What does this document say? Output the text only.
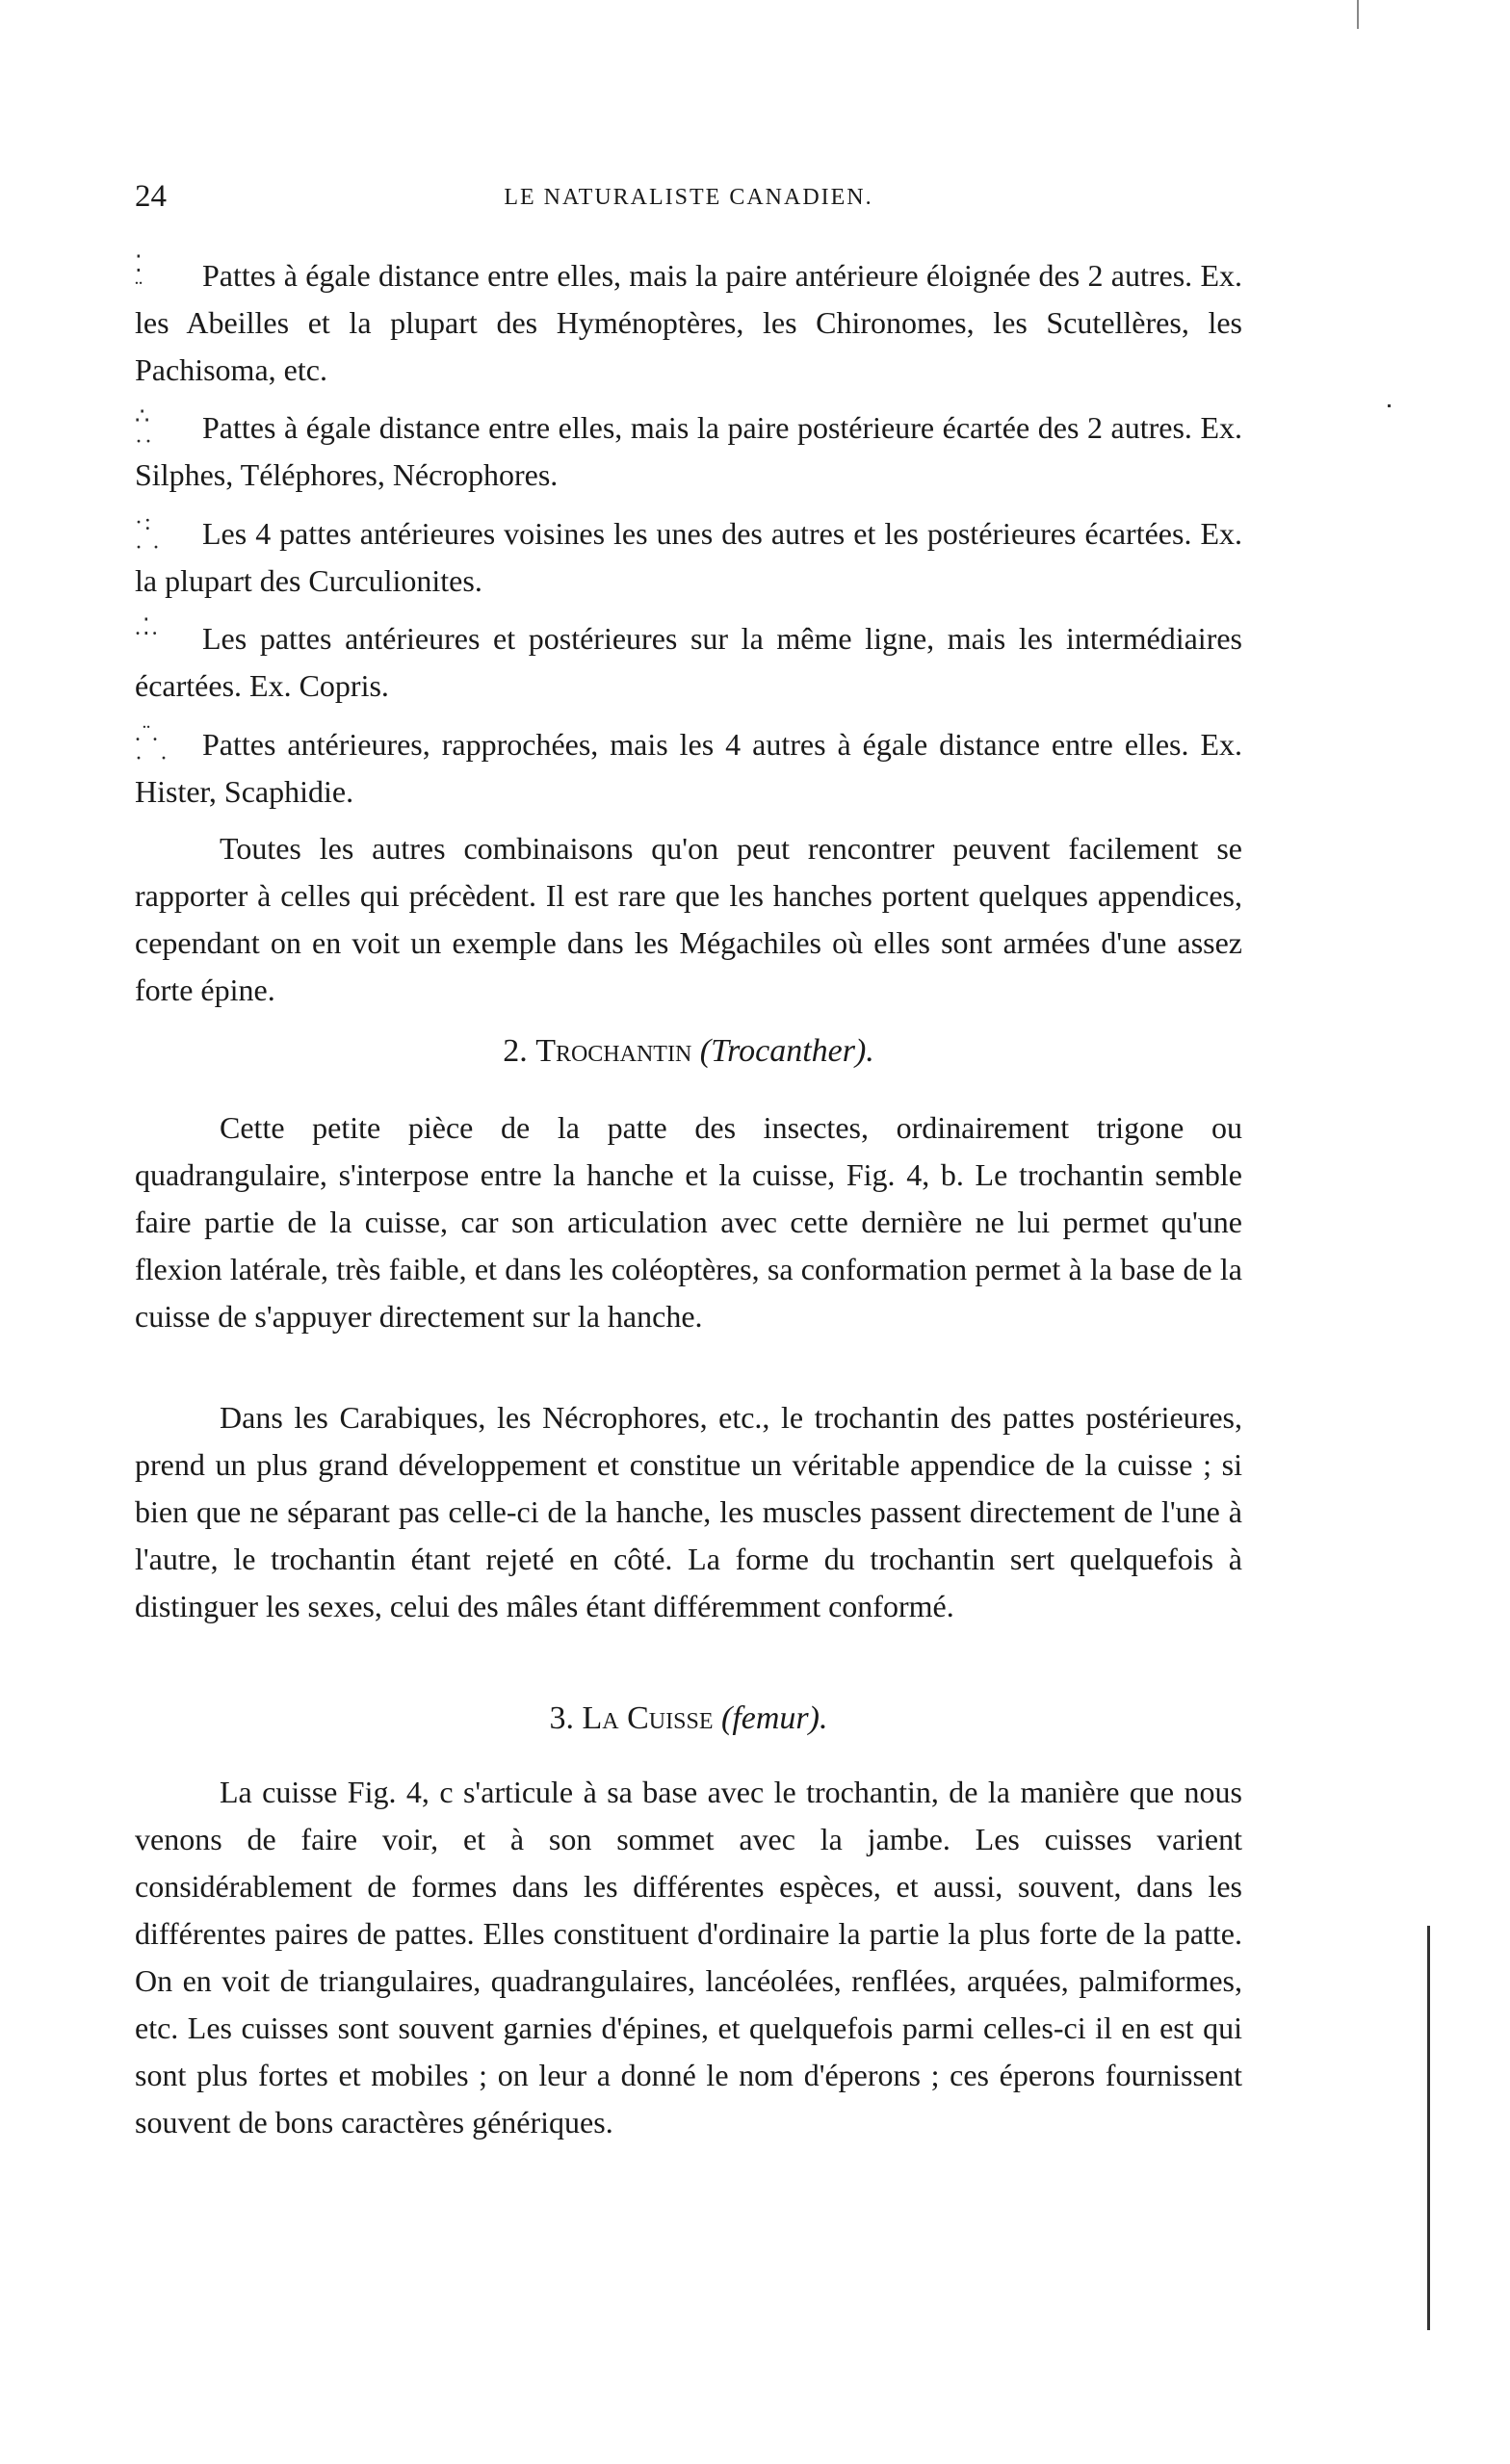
24	LE NATURALISTE CANADIEN.
⁚
¨	Pattes à égale distance entre elles, mais la paire antérieure éloignée des 2 autres. Ex. les Abeilles et la plupart des Hyménoptères, les Chironomes, les Scutellères, les Pachisoma, etc.
∴
··	Pattes à égale distance entre elles, mais la paire postérieure écartée des 2 autres. Ex. Silphes, Téléphores, Nécrophores.
·:
· ·	Les 4 pattes antérieures voisines les unes des autres et les postérieures écartées. Ex. la plupart des Curculionites.
.⁚.	Les pattes antérieures et postérieures sur la même ligne, mais les intermédiaires écartées. Ex. Copris.
.¨.
·  ·	Pattes antérieures, rapprochées, mais les 4 autres à égale distance entre elles. Ex. Hister, Scaphidie.
Toutes les autres combinaisons qu'on peut rencontrer peuvent facilement se rapporter à celles qui précèdent. Il est rare que les hanches portent quelques appendices, cependant on en voit un exemple dans les Mégachiles où elles sont armées d'une assez forte épine.
2. Trochantin (Trocanther).
Cette petite pièce de la patte des insectes, ordinairement trigone ou quadrangulaire, s'interpose entre la hanche et la cuisse, Fig. 4, b. Le trochantin semble faire partie de la cuisse, car son articulation avec cette dernière ne lui permet qu'une flexion latérale, très faible, et dans les coléoptères, sa conformation permet à la base de la cuisse de s'appuyer directement sur la hanche.
Dans les Carabiques, les Nécrophores, etc., le trochantin des pattes postérieures, prend un plus grand développement et constitue un véritable appendice de la cuisse ; si bien que ne séparant pas celle-ci de la hanche, les muscles passent directement de l'une à l'autre, le trochantin étant rejeté en côté. La forme du trochantin sert quelquefois à distinguer les sexes, celui des mâles étant différemment conformé.
3. La Cuisse (femur).
La cuisse Fig. 4, c s'articule à sa base avec le trochantin, de la manière que nous venons de faire voir, et à son sommet avec la jambe. Les cuisses varient considérablement de formes dans les différentes espèces, et aussi, souvent, dans les différentes paires de pattes. Elles constituent d'ordinaire la partie la plus forte de la patte. On en voit de triangulaires, quadrangulaires, lancéolées, renflées, arquées, palmiformes, etc. Les cuisses sont souvent garnies d'épines, et quelquefois parmi celles-ci il en est qui sont plus fortes et mobiles ; on leur a donné le nom d'éperons ; ces éperons fournissent souvent de bons caractères génériques.
